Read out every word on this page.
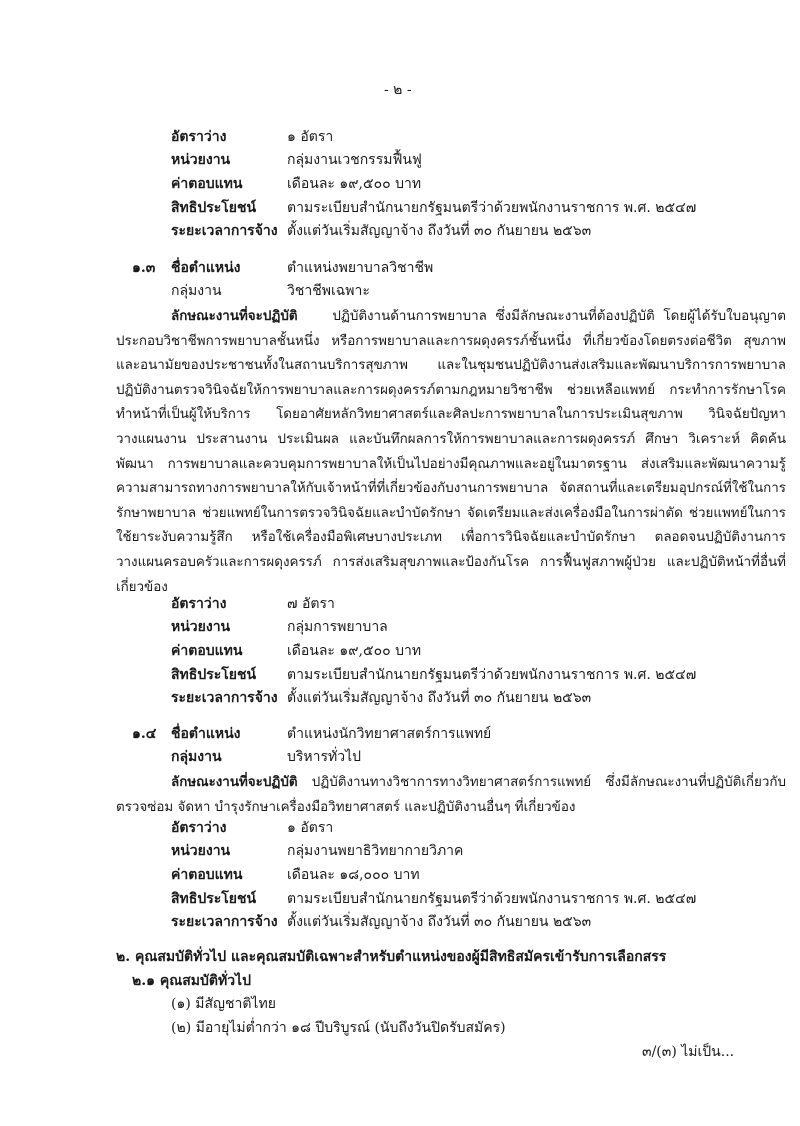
- ๒ -
อัตราว่าง	๑ อัตรา
หน่วยงาน	กลุ่มงานเวชกรรมฟื้นฟู
ค่าตอบแทน	เดือนละ ๑๙,๕๐๐ บาท
สิทธิประโยชน์ ตามระเบียบสำนักนายกรัฐมนตรีว่าด้วยพนักงานราชการ พ.ศ. ๒๕๔๗
ระยะเวลาการจ้าง ตั้งแต่วันเริ่มสัญญาจ้าง ถึงวันที่ ๓๐ กันยายน ๒๕๖๓
๑.๓ ชื่อตำแหน่ง	ตำแหน่งพยาบาลวิชาชีพ
กลุ่มงาน	วิชาชีพเฉพาะ
ลักษณะงานที่จะปฏิบัติ	ปฏิบัติงานด้านการพยาบาล ซึ่งมีลักษณะงานที่ต้องปฏิบัติ โดยผู้ได้รับใบอนุญาตประกอบวิชาชีพการพยาบาลชั้นหนึ่ง หรือการพยาบาลและการผดุงครรภ์ชั้นหนึ่ง ที่เกี่ยวข้องโดยตรงต่อชีวิต สุขภาพและอนามัยของประชาชนทั้งในสถานบริการสุขภาพ และในชุมชนปฏิบัติงานส่งเสริมและพัฒนาบริการการพยาบาล ปฏิบัติงานตรวจวินิจฉัยให้การพยาบาลและการผดุงครรภ์ตามกฎหมายวิชาชีพ ช่วยเหลือแพทย์ กระทำการรักษาโรค ทำหน้าที่เป็นผู้ให้บริการ โดยอาศัยหลักวิทยาศาสตร์และศิลปะการพยาบาลในการประเมินสุขภาพ วินิจฉัยปัญหา วางแผนงาน ประสานงาน ประเมินผล และบันทึกผลการให้การพยาบาลและการผดุงครรภ์ ศึกษา วิเคราะห์ คิดค้น พัฒนา การพยาบาลและควบคุมการพยาบาลให้เป็นไปอย่างมีคุณภาพและอยู่ในมาตรฐาน ส่งเสริมและพัฒนาความรู้ความสามารถทางการพยาบาลให้กับเจ้าหน้าที่ที่เกี่ยวข้องกับงานการพยาบาล จัดสถานที่และเตรียมอุปกรณ์ที่ใช้ในการรักษาพยาบาล ช่วยแพทย์ในการตรวจวินิจฉัยและบำบัดรักษา จัดเตรียมและส่งเครื่องมือในการผ่าตัด ช่วยแพทย์ในการใช้ยาระงับความรู้สึก หรือใช้เครื่องมือพิเศษบางประเภท เพื่อการวินิจฉัยและบำบัดรักษา ตลอดจนปฏิบัติงานการวางแผนครอบครัวและการผดุงครรภ์ การส่งเสริมสุขภาพและป้องกันโรค การฟื้นฟูสภาพผู้ป่วย และปฏิบัติหน้าที่อื่นที่เกี่ยวข้อง
อัตราว่าง	๗ อัตรา
หน่วยงาน	กลุ่มการพยาบาล
ค่าตอบแทน	เดือนละ ๑๙,๕๐๐ บาท
สิทธิประโยชน์ ตามระเบียบสำนักนายกรัฐมนตรีว่าด้วยพนักงานราชการ พ.ศ. ๒๕๔๗
ระยะเวลาการจ้าง ตั้งแต่วันเริ่มสัญญาจ้าง ถึงวันที่ ๓๐ กันยายน ๒๕๖๓
๑.๔ ชื่อตำแหน่ง	ตำแหน่งนักวิทยาศาสตร์การแพทย์
กลุ่มงาน	บริหารทั่วไป
ลักษณะงานที่จะปฏิบัติ ปฏิบัติงานทางวิชาการทางวิทยาศาสตร์การแพทย์ ซึ่งมีลักษณะงานที่ปฏิบัติเกี่ยวกับตรวจซ่อม จัดหา บำรุงรักษาเครื่องมือวิทยาศาสตร์ และปฏิบัติงานอื่นๆ ที่เกี่ยวข้อง
อัตราว่าง	๑ อัตรา
หน่วยงาน	กลุ่มงานพยาธิวิทยากายวิภาค
ค่าตอบแทน	เดือนละ ๑๘,๐๐๐ บาท
สิทธิประโยชน์ ตามระเบียบสำนักนายกรัฐมนตรีว่าด้วยพนักงานราชการ พ.ศ. ๒๕๔๗
ระยะเวลาการจ้าง ตั้งแต่วันเริ่มสัญญาจ้าง ถึงวันที่ ๓๐ กันยายน ๒๕๖๓
๒. คุณสมบัติทั่วไป และคุณสมบัติเฉพาะสำหรับตำแหน่งของผู้มีสิทธิสมัครเข้ารับการเลือกสรร
๒.๑ คุณสมบัติทั่วไป
(๑) มีสัญชาติไทย
(๒) มีอายุไม่ต่ำกว่า ๑๘ ปีบริบูรณ์ (นับถึงวันปิดรับสมัคร)
๓/(๓) ไม่เป็น...
